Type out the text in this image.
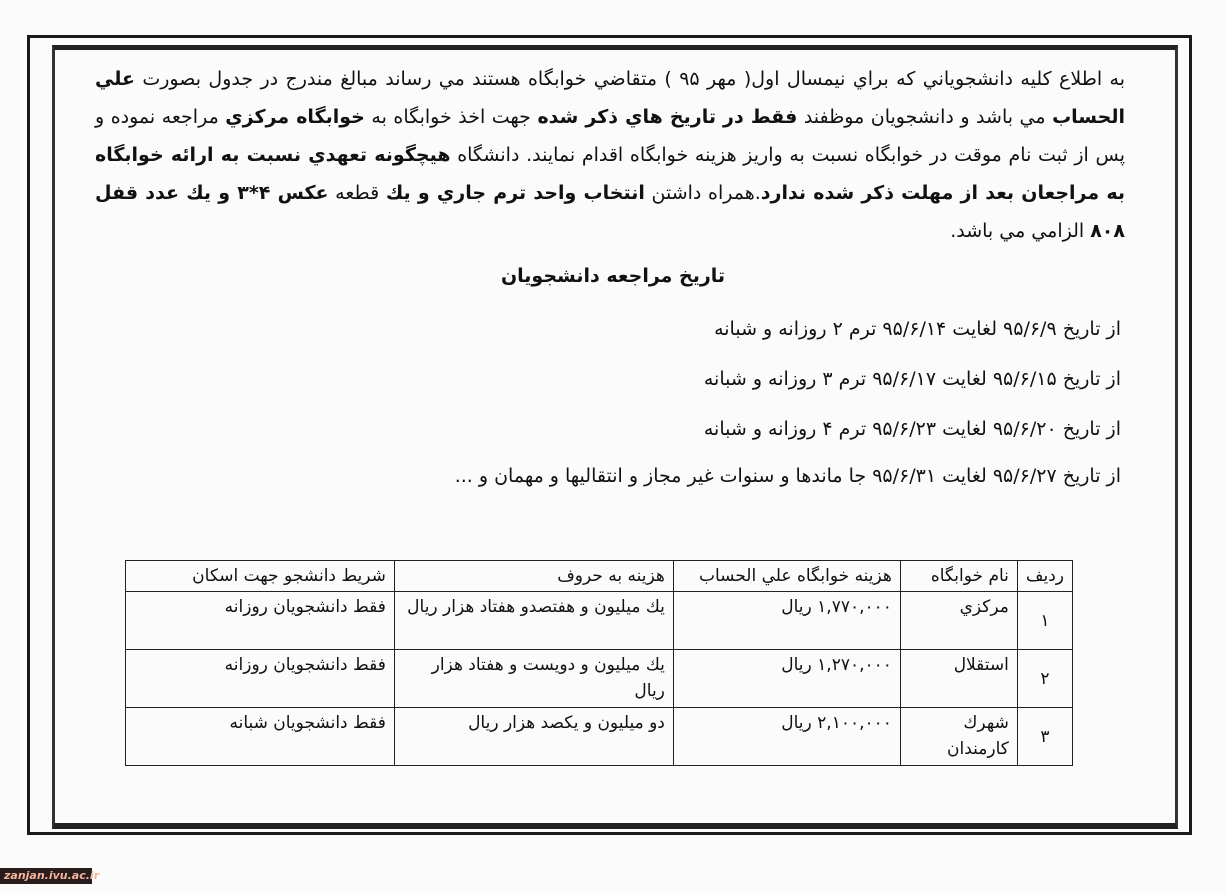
به اطلاع كليه دانشجوياني كه براي نيمسال اول( مهر ۹۵ ) متقاضي خوابگاه هستند مي رساند مبالغ مندرج در جدول بصورت علي الحساب مي باشد و دانشجويان موظفند فقط در تاريخ هاي ذكر شده جهت اخذ خوابگاه به خوابگاه مركزي مراجعه نموده و پس از ثبت نام موقت در خوابگاه نسبت به واريز هزينه خوابگاه اقدام نمايند. دانشگاه هيچگونه تعهدي نسبت به ارائه خوابگاه به مراجعان بعد از مهلت ذكر شده ندارد.همراه داشتن انتخاب واحد ترم جاري و يك قطعه عكس ۴*۳ و يك عدد قفل ۸۰۸ الزامي مي باشد.

تاريخ مراجعه دانشجويان
از تاريخ ۹۵/۶/۹ لغايت ۹۵/۶/۱۴ ترم ۲ روزانه و شبانه
از تاريخ ۹۵/۶/۱۵ لغايت ۹۵/۶/۱۷ ترم ۳ روزانه و شبانه
از تاريخ ۹۵/۶/۲۰ لغايت ۹۵/۶/۲۳ ترم ۴ روزانه و شبانه
از تاريخ ۹۵/۶/۲۷ لغايت ۹۵/۶/۳۱ جا ماندها و سنوات غير مجاز و انتقاليها و مهمان و ...
رديف	نام خوابگاه	هزينه خوابگاه علي الحساب	هزينه به حروف	شريط دانشجو جهت اسكان
۱	مركزي	۱,۷۷۰,۰۰۰ ريال	يك ميليون و هفتصدو هفتاد هزار ريال	فقط دانشجويان روزانه
۲	استقلال	۱,۲۷۰,۰۰۰ ريال	يك ميليون و دويست و هفتاد هزار ريال	فقط دانشجويان روزانه
۳	شهرك كارمندان	۲,۱۰۰,۰۰۰ ريال	دو ميليون و يكصد هزار ريال	فقط دانشجويان شبانه
zanjan.ivu.ac.ir
